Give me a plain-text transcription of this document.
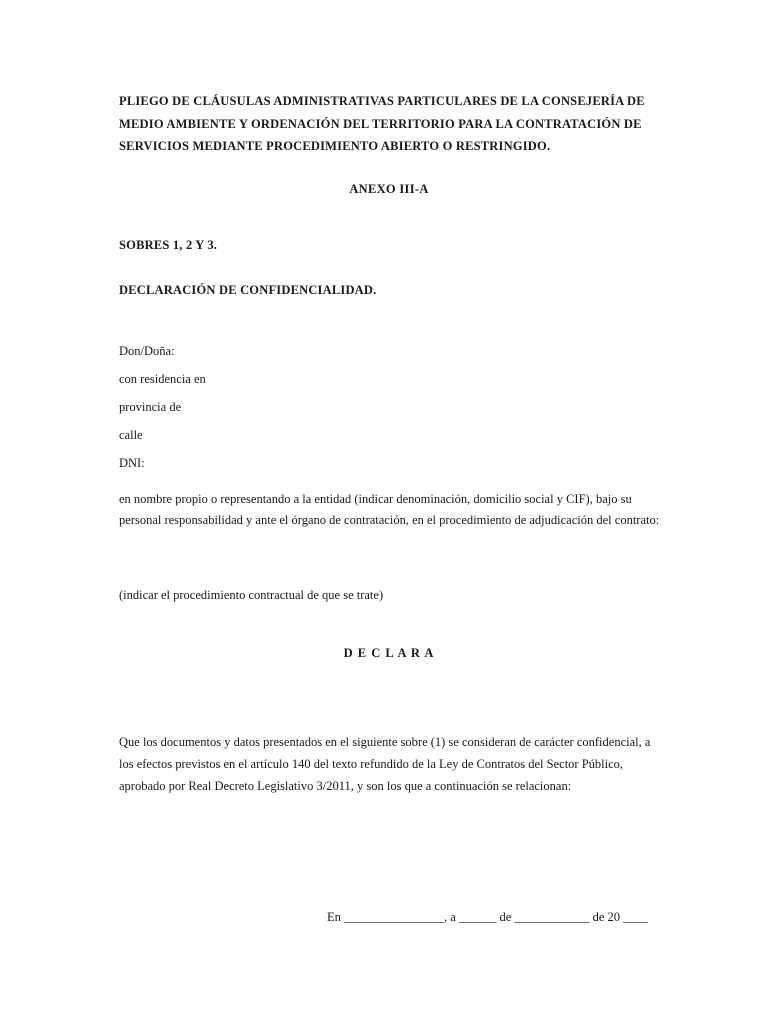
PLIEGO DE CLÁUSULAS ADMINISTRATIVAS PARTICULARES DE LA CONSEJERÍA DE MEDIO AMBIENTE Y ORDENACIÓN DEL TERRITORIO PARA LA CONTRATACIÓN DE SERVICIOS MEDIANTE PROCEDIMIENTO ABIERTO O RESTRINGIDO.
ANEXO III-A
SOBRES 1, 2 Y 3.
DECLARACIÓN DE CONFIDENCIALIDAD.
Don/Doña:
con residencia en
provincia de
calle
DNI:
en nombre propio o representando a la entidad (indicar denominación, domicilio social y CIF), bajo su personal responsabilidad y ante el órgano de contratación, en el procedimiento de adjudicación del contrato:
(indicar el procedimiento contractual de que se trate)
D E C L A R A
Que los documentos y datos presentados en el siguiente sobre (1) se consideran de carácter confidencial, a los efectos previstos en el artículo 140 del texto refundido de la Ley de Contratos del Sector Público, aprobado por Real Decreto Legislativo 3/2011, y son los que a continuación se relacionan:
En ________________, a ______ de ____________ de 20 ____
